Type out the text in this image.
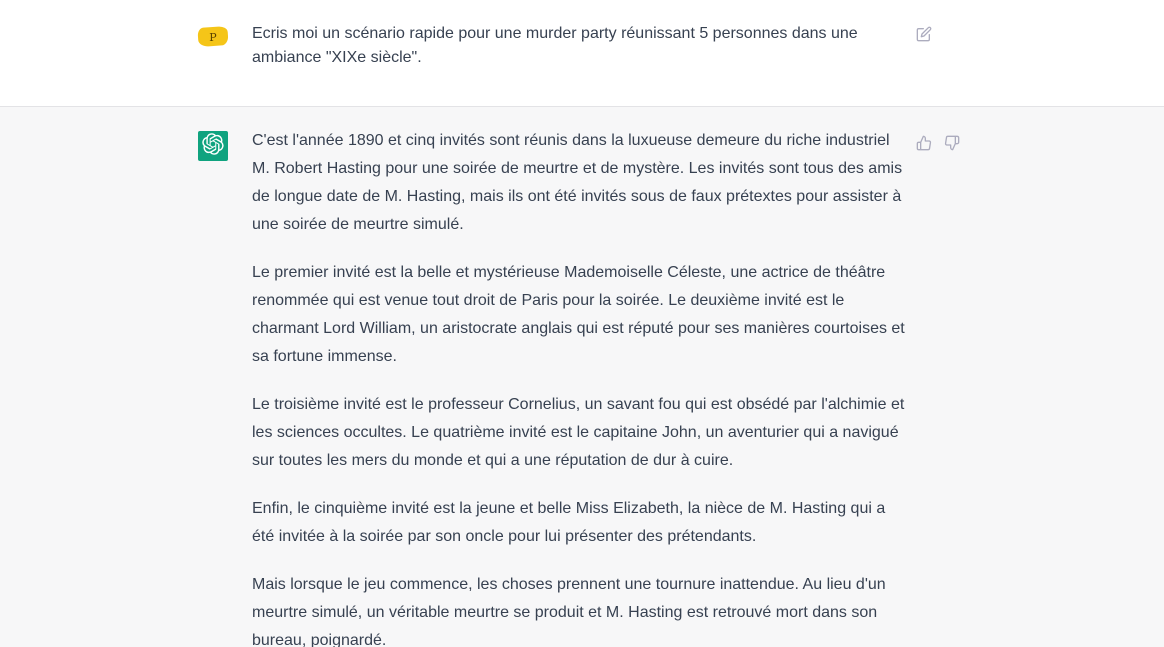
P Ecris moi un scénario rapide pour une murder party réunissant 5 personnes dans une ambiance "XIXe siècle".

C'est l'année 1890 et cinq invités sont réunis dans la luxueuse demeure du riche industriel M. Robert Hasting pour une soirée de meurtre et de mystère. Les invités sont tous des amis de longue date de M. Hasting, mais ils ont été invités sous de faux prétextes pour assister à une soirée de meurtre simulé.

Le premier invité est la belle et mystérieuse Mademoiselle Céleste, une actrice de théâtre renommée qui est venue tout droit de Paris pour la soirée. Le deuxième invité est le charmant Lord William, un aristocrate anglais qui est réputé pour ses manières courtoises et sa fortune immense.

Le troisième invité est le professeur Cornelius, un savant fou qui est obsédé par l'alchimie et les sciences occultes. Le quatrième invité est le capitaine John, un aventurier qui a navigué sur toutes les mers du monde et qui a une réputation de dur à cuire.

Enfin, le cinquième invité est la jeune et belle Miss Elizabeth, la nièce de M. Hasting qui a été invitée à la soirée par son oncle pour lui présenter des prétendants.

Mais lorsque le jeu commence, les choses prennent une tournure inattendue. Au lieu d'un meurtre simulé, un véritable meurtre se produit et M. Hasting est retrouvé mort dans son bureau, poignardé.
